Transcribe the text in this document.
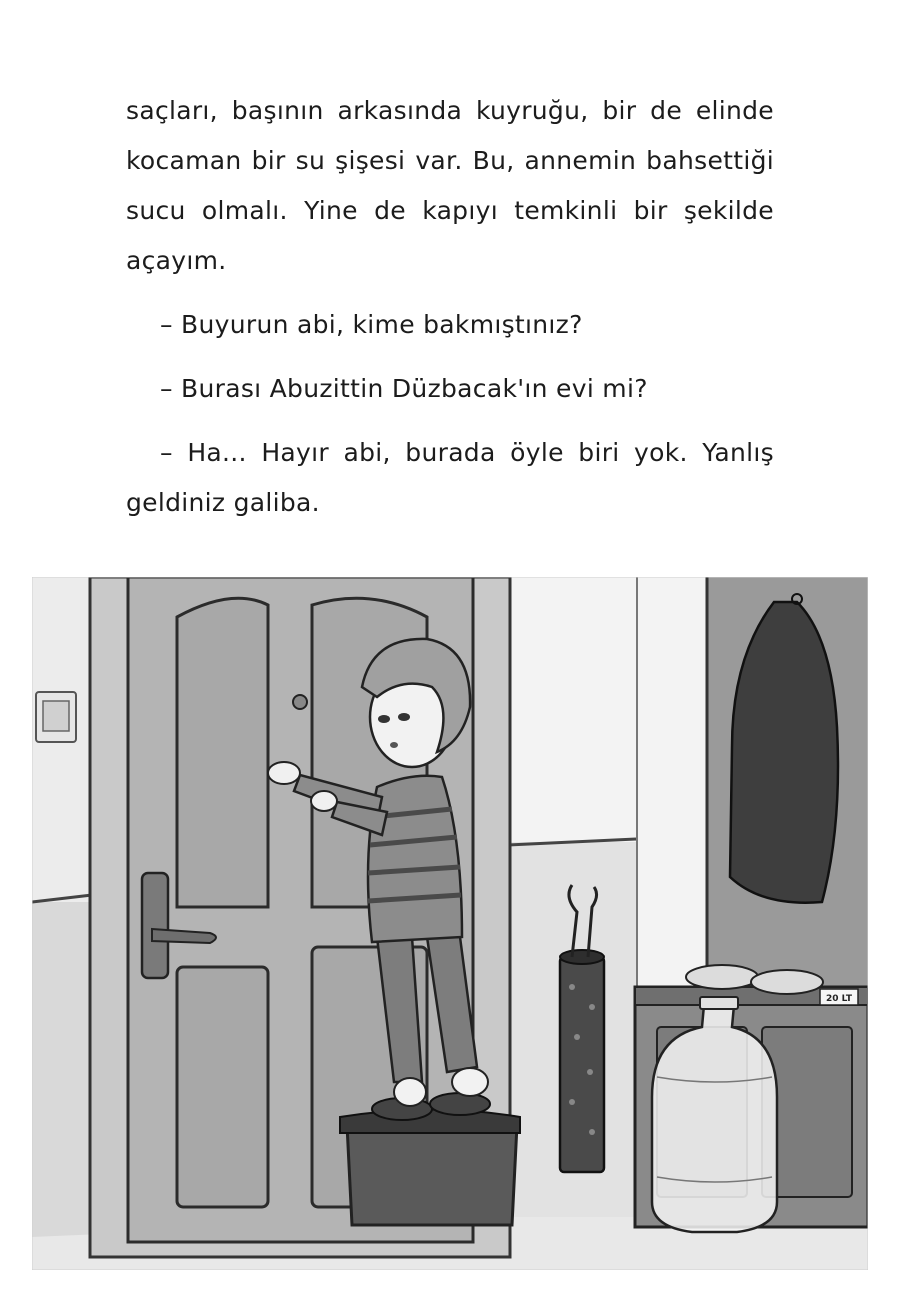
saçları, başının arkasında kuyruğu, bir de elinde kocaman bir su şişesi var. Bu, annemin bahsettiği sucu olmalı. Yine de kapıyı temkinli bir şekilde açayım.

– Buyurun abi, kime bakmıştınız?

– Burası Abuzittin Düzbacak'ın evi mi?

– Ha... Hayır abi, burada öyle biri yok. Yanlış geldiniz galiba.

20 LT
